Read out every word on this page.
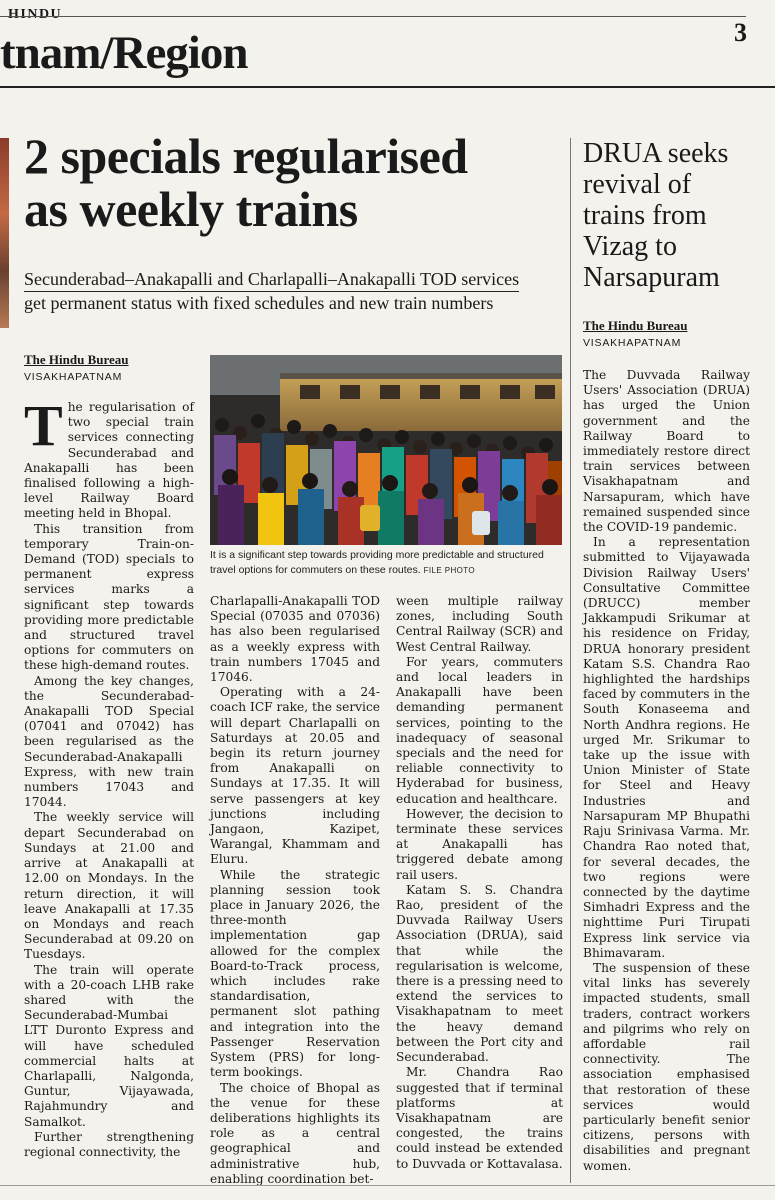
HINDU
3
tnam/Region
2 specials regularised
as weekly trains
Secunderabad–Anakapalli and Charlapalli–Anakapalli TOD services
get permanent status with fixed schedules and new train numbers
The Hindu Bureau
VISAKHAPATNAM
It is a significant step towards providing more predictable and structured travel options for commuters on these routes. FILE PHOTO

The regularisation of two special train services connecting Secunderabad and Anakapalli has been finalised following a high-level Railway Board meeting held in Bhopal.

This transition from temporary Train-on-Demand (TOD) specials to permanent express services marks a significant step towards providing more predictable and structured travel options for commuters on these high-demand routes.

Among the key changes, the Secunderabad-Anakapalli TOD Special (07041 and 07042) has been regularised as the Secunderabad-Anakapalli Express, with new train numbers 17043 and 17044.

The weekly service will depart Secunderabad on Sundays at 21.00 and arrive at Anakapalli at 12.00 on Mondays. In the return direction, it will leave Anakapalli at 17.35 on Mondays and reach Secunderabad at 09.20 on Tuesdays.

The train will operate with a 20-coach LHB rake shared with the Secunderabad-Mumbai LTT Duronto Express and will have scheduled commercial halts at Charlapalli, Nalgonda, Guntur, Vijayawada, Rajahmundry and Samalkot.

Further strengthening regional connectivity, the

Charlapalli-Anakapalli TOD Special (07035 and 07036) has also been regularised as a weekly express with train numbers 17045 and 17046.

Operating with a 24-coach ICF rake, the service will depart Charlapalli on Saturdays at 20.05 and begin its return journey from Anakapalli on Sundays at 17.35. It will serve passengers at key junctions including Jangaon, Kazipet, Warangal, Khammam and Eluru.

While the strategic planning session took place in January 2026, the three-month implementation gap allowed for the complex Board-to-Track process, which includes rake standardisation, permanent slot pathing and integration into the Passenger Reservation System (PRS) for long-term bookings.

The choice of Bhopal as the venue for these deliberations highlights its role as a central geographical and administrative hub, enabling coordination bet-

ween multiple railway zones, including South Central Railway (SCR) and West Central Railway.

For years, commuters and local leaders in Anakapalli have been demanding permanent services, pointing to the inadequacy of seasonal specials and the need for reliable connectivity to Hyderabad for business, education and healthcare.

However, the decision to terminate these services at Anakapalli has triggered debate among rail users.

Katam S. S. Chandra Rao, president of the Duvvada Railway Users Association (DRUA), said that while the regularisation is welcome, there is a pressing need to extend the services to Visakhapatnam to meet the heavy demand between the Port city and Secunderabad.

Mr. Chandra Rao suggested that if terminal platforms at Visakhapatnam are congested, the trains could instead be extended to Duvvada or Kottavalasa.

DRUA seeks revival of trains from Vizag to Narsapuram
The Hindu Bureau
VISAKHAPATNAM

The Duvvada Railway Users' Association (DRUA) has urged the Union government and the Railway Board to immediately restore direct train services between Visakhapatnam and Narsapuram, which have remained suspended since the COVID-19 pandemic.

In a representation submitted to Vijayawada Division Railway Users' Consultative Committee (DRUCC) member Jakkampudi Srikumar at his residence on Friday, DRUA honorary president Katam S.S. Chandra Rao highlighted the hardships faced by commuters in the South Konaseema and North Andhra regions. He urged Mr. Srikumar to take up the issue with Union Minister of State for Steel and Heavy Industries and Narsapuram MP Bhupathi Raju Srinivasa Varma. Mr. Chandra Rao noted that, for several decades, the two regions were connected by the daytime Simhadri Express and the nighttime Puri Tirupati Express link service via Bhimavaram.

The suspension of these vital links has severely impacted students, small traders, contract workers and pilgrims who rely on affordable rail connectivity. The association emphasised that restoration of these services would particularly benefit senior citizens, persons with disabilities and pregnant women.
